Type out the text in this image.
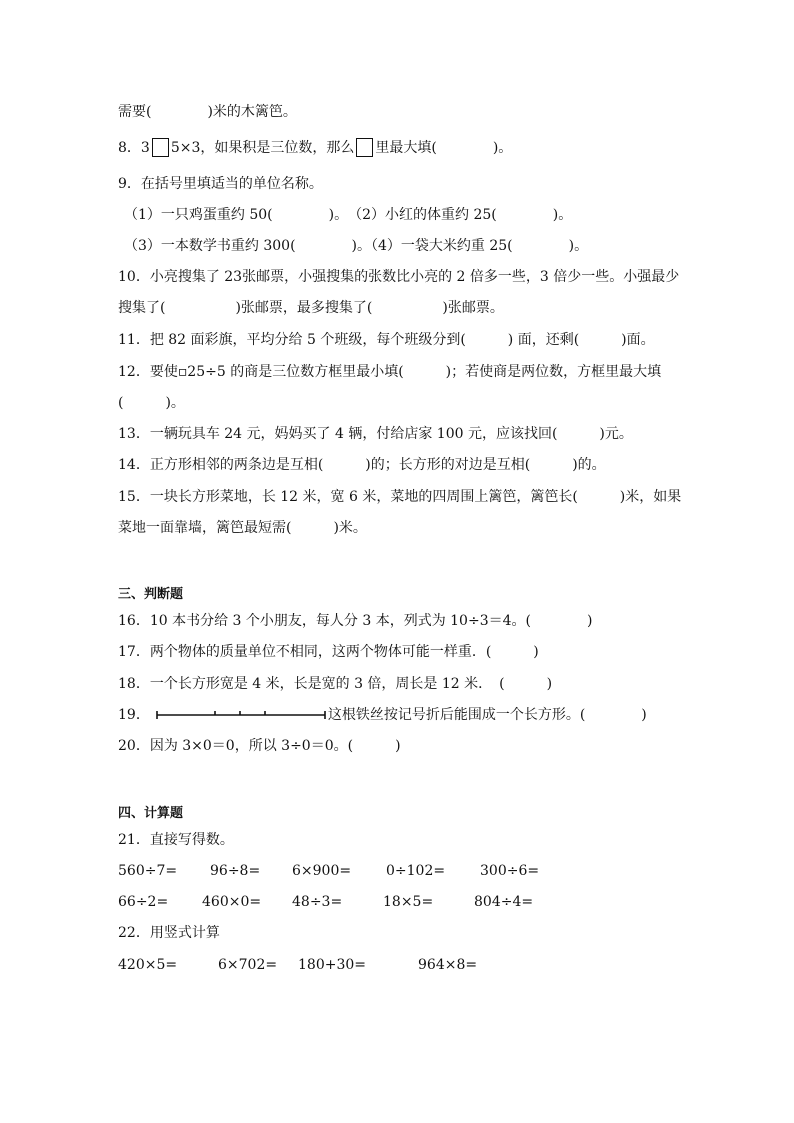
需要(　　　　)米的木篱笆。
8．3 5×3，如果积是三位数，那么 里最大填(　　　　)。
9．在括号里填适当的单位名称。
（1）一只鸡蛋重约 50(　　　　)。　（2）小红的体重约 25(　　　　)。
（3）一本数学书重约 300(　　　　)。（4）一袋大米约重 25(　　　　)。
10．小亮搜集了 23张邮票，小强搜集的张数比小亮的 2 倍多一些，3 倍少一些。小强最少
搜集了(　　　　　)张邮票，最多搜集了(　　　　　)张邮票。
11．把 82 面彩旗，平均分给 5 个班级，每个班级分到(　　　) 面，还剩(　　　)面。
12．要使▫25÷5 的商是三位数方框里最小填(　　　)；若使商是两位数，方框里最大填
(　　　)。
13．一辆玩具车 24 元，妈妈买了 4 辆，付给店家 100 元，应该找回(　　　)元。
14．正方形相邻的两条边是互相(　　　)的；长方形的对边是互相(　　　)的。
15．一块长方形菜地，长 12 米，宽 6 米，菜地的四周围上篱笆，篱笆长(　　　)米，如果
菜地一面靠墙，篱笆最短需(　　　)米。
三、判断题
16．10 本书分给 3 个小朋友，每人分 3 本，列式为 10÷3＝4。(　　　　)
17．两个物体的质量单位不相同，这两个物体可能一样重．(　　　)
18．一个长方形宽是 4 米，长是宽的 3 倍，周长是 12 米．　(　　　)
19．	这根铁丝按记号折后能围成一个长方形。(　　　　)
20．因为 3×0＝0，所以 3÷0＝0。(　　　)
四、计算题
21．直接写得数。
560÷7= 96÷8= 6×900= 0÷102= 300÷6=
66÷2= 460×0= 48÷3=	18×5=	804÷4=
22．用竖式计算
420×5=	6×702= 180+30=	964×8=
